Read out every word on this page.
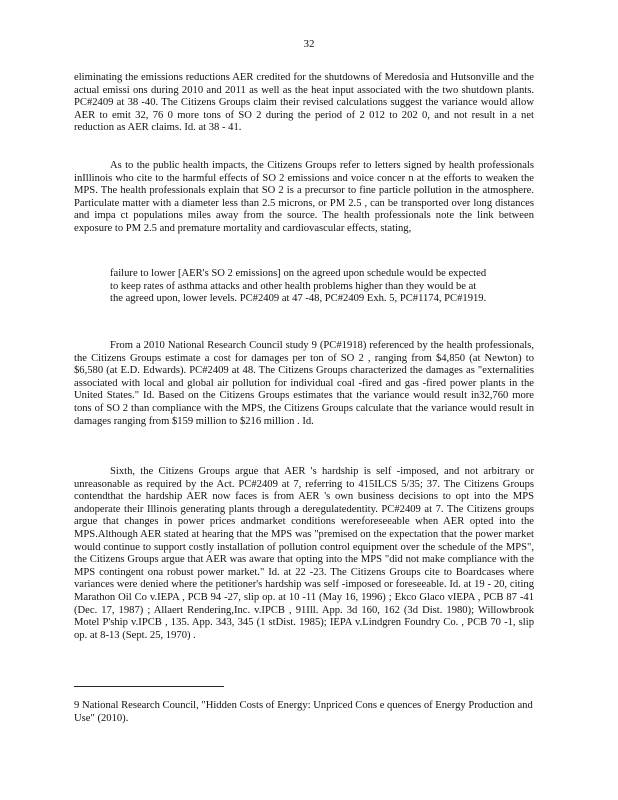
32

eliminating the emissions reductions AER credited for the shutdowns of Meredosia and Hutsonville and the actual emissi ons during 2010 and 2011 as well as the heat input associated with the two shutdown plants. PC#2409 at 38 -40. The Citizens Groups claim their revised calculations suggest the variance would allow AER to emit 32, 76 0 more tons of SO 2 during the period of 2 012 to 202 0, and not result in a net reduction as AER claims. Id. at 38 - 41.

As to the public health impacts, the Citizens Groups refer to letters signed by health professionals inIllinois who cite to the harmful effects of SO 2 emissions and voice concer n at the efforts to weaken the MPS. The health professionals explain that SO 2 is a precursor to fine particle pollution in the atmosphere. Particulate matter with a diameter less than 2.5 microns, or PM 2.5 , can be transported over long distances and impa ct populations miles away from the source. The health professionals note the link between exposure to PM 2.5 and premature mortality and cardiovascular effects, stating,

failure to lower [AER's SO 2 emissions] on the agreed upon schedule would be expected to keep rates of asthma attacks and other health problems higher than they would be at the agreed upon, lower levels. PC#2409 at 47 -48, PC#2409 Exh. 5, PC#1174, PC#1919.

From a 2010 National Research Council study 9 (PC#1918) referenced by the health professionals, the Citizens Groups estimate a cost for damages per ton of SO 2 , ranging from $4,850 (at Newton) to $6,580 (at E.D. Edwards). PC#2409 at 48. The Citizens Groups characterized the damages as "externalities associated with local and global air pollution for individual coal -fired and gas -fired power plants in the United States." Id. Based on the Citizens Groups estimates that the variance would result in32,760 more tons of SO 2 than compliance with the MPS, the Citizens Groups calculate that the variance would result in damages ranging from $159 million to $216 million . Id.

Sixth, the Citizens Groups argue that AER 's hardship is self -imposed, and not arbitrary or unreasonable as required by the Act. PC#2409 at 7, referring to 415ILCS 5/35; 37. The Citizens Groups contendthat the hardship AER now faces is from AER 's own business decisions to opt into the MPS andoperate their Illinois generating plants through a deregulatedentity. PC#2409 at 7. The Citizens groups argue that changes in power prices andmarket conditions wereforeseeable when AER opted into the MPS.Although AER stated at hearing that the MPS was "premised on the expectation that the power market would continue to support costly installation of pollution control equipment over the schedule of the MPS", the Citizens Groups argue that AER was aware that opting into the MPS "did not make compliance with the MPS contingent ona robust power market." Id. at 22 -23. The Citizens Groups cite to Boardcases where variances were denied where the petitioner's hardship was self -imposed or foreseeable. Id. at 19 - 20, citing Marathon Oil Co v.IEPA , PCB 94 -27, slip op. at 10 -11 (May 16, 1996) ; Ekco Glaco vIEPA , PCB 87 -41 (Dec. 17, 1987) ; Allaert Rendering,Inc. v.IPCB , 91Ill. App. 3d 160, 162 (3d Dist. 1980); Willowbrook Motel P'ship v.IPCB , 135. App. 343, 345 (1 stDist. 1985); IEPA v.Lindgren Foundry Co. , PCB 70 -1, slip op. at 8-13 (Sept. 25, 1970) .

9 National Research Council, "Hidden Costs of Energy: Unpriced Cons e quences of Energy Production and Use" (2010).
